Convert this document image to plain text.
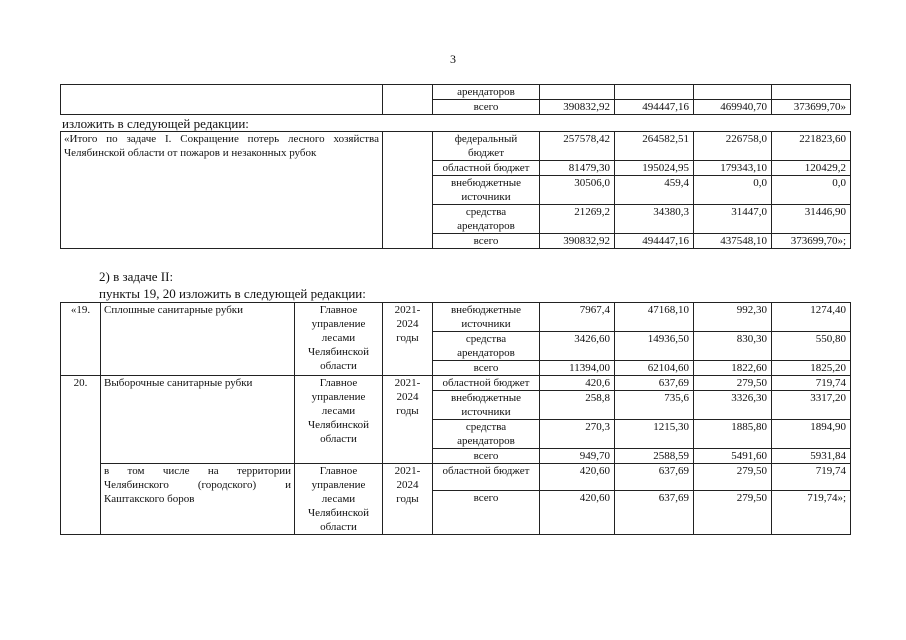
3
		арендаторов				
		всего	390832,92	494447,16	469940,70	373699,70»
изложить в следующей редакции:
«Итого по задаче I. Сокращение потерь лесного хозяйства Челябинской области от пожаров и незаконных рубок		федеральный бюджет	257578,42	264582,51	226758,0	221823,60
		областной бюджет	81479,30	195024,95	179343,10	120429,2
		внебюджетные источники	30506,0	459,4	0,0	0,0
		средства арендаторов	21269,2	34380,3	31447,0	31446,90
		всего	390832,92	494447,16	437548,10	373699,70»;
2) в задаче II:
пункты 19, 20 изложить в следующей редакции:
«19.	Сплошные санитарные рубки	Главное управление лесами Челябинской области	2021-2024 годы	внебюджетные источники	7967,4	47168,10	992,30	1274,40
				средства арендаторов	3426,60	14936,50	830,30	550,80
				всего	11394,00	62104,60	1822,60	1825,20
20.	Выборочные санитарные рубки	Главное управление лесами Челябинской области	2021-2024 годы	областной бюджет	420,6	637,69	279,50	719,74
				внебюджетные источники	258,8	735,6	3326,30	3317,20
				средства арендаторов	270,3	1215,30	1885,80	1894,90
				всего	949,70	2588,59	5491,60	5931,84
	в том числе на территории Челябинского (городского) и Каштакского боров	Главное управление лесами Челябинской области	2021-2024 годы	областной бюджет	420,60	637,69	279,50	719,74
				всего	420,60	637,69	279,50	719,74»;
